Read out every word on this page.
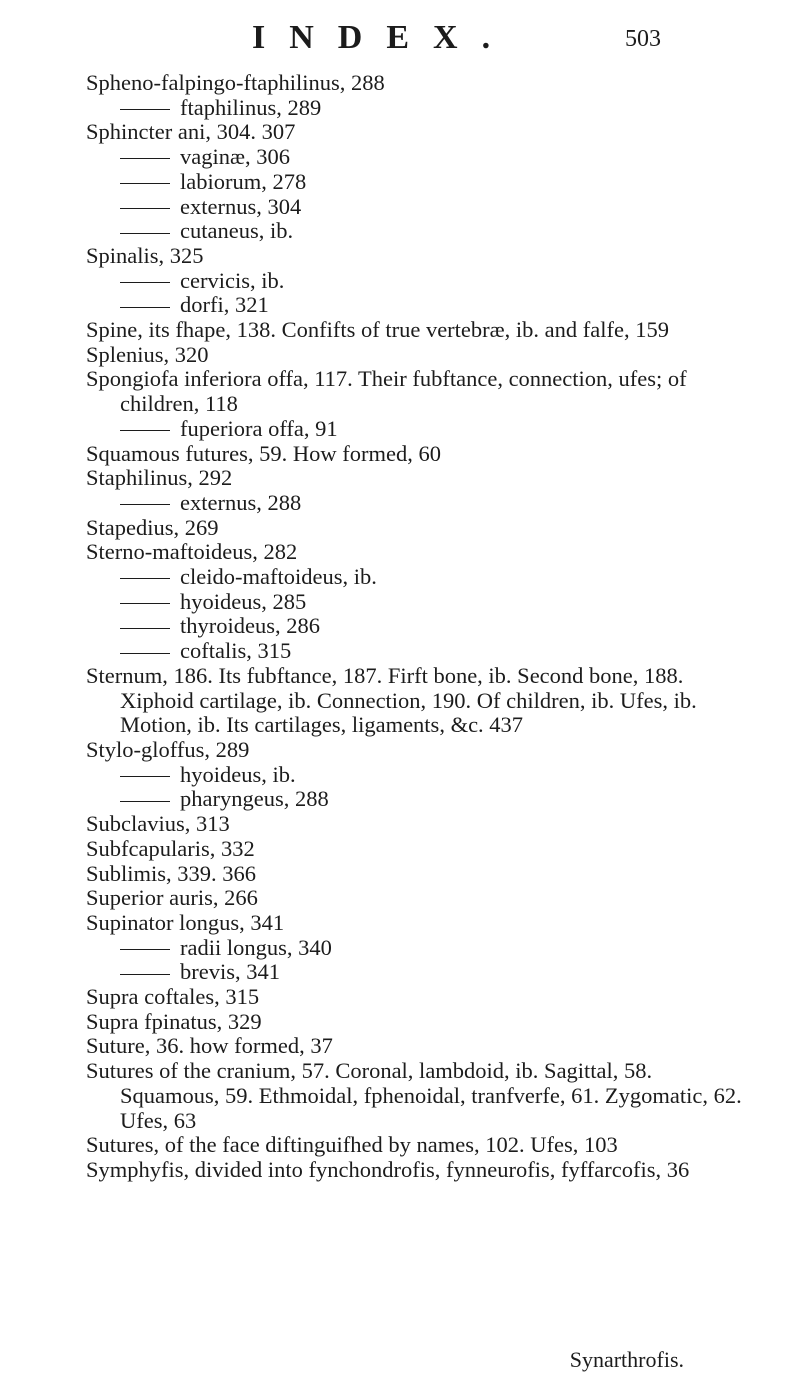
INDEX.	503
Spheno-falpingo-ftaphilinus, 288
ftaphilinus, 289
Sphincter ani, 304. 307
vaginæ, 306
labiorum, 278
externus, 304
cutaneus, ib.
Spinalis, 325
cervicis, ib.
dorfi, 321
Spine, its fhape, 138. Confifts of true vertebræ, ib. and falfe, 159
Splenius, 320
Spongiofa inferiora offa, 117. Their fubftance, connection, ufes; of children, 118
fuperiora offa, 91
Squamous futures, 59. How formed, 60
Staphilinus, 292
externus, 288
Stapedius, 269
Sterno-maftoideus, 282
cleido-maftoideus, ib.
hyoideus, 285
thyroideus, 286
coftalis, 315
Sternum, 186. Its fubftance, 187. Firft bone, ib. Second bone, 188. Xiphoid cartilage, ib. Connection, 190. Of children, ib. Ufes, ib. Motion, ib. Its cartilages, ligaments, &c. 437
Stylo-gloffus, 289
hyoideus, ib.
pharyngeus, 288
Subclavius, 313
Subfcapularis, 332
Sublimis, 339. 366
Superior auris, 266
Supinator longus, 341
radii longus, 340
brevis, 341
Supra coftales, 315
Supra fpinatus, 329
Suture, 36. how formed, 37
Sutures of the cranium, 57. Coronal, lambdoid, ib. Sagittal, 58. Squamous, 59. Ethmoidal, fphenoidal, tranfverfe, 61. Zygomatic, 62. Ufes, 63
Sutures, of the face diftinguifhed by names, 102. Ufes, 103
Symphyfis, divided into fynchondrofis, fynneurofis, fyffarcofis, 36
Synarthrofis.
